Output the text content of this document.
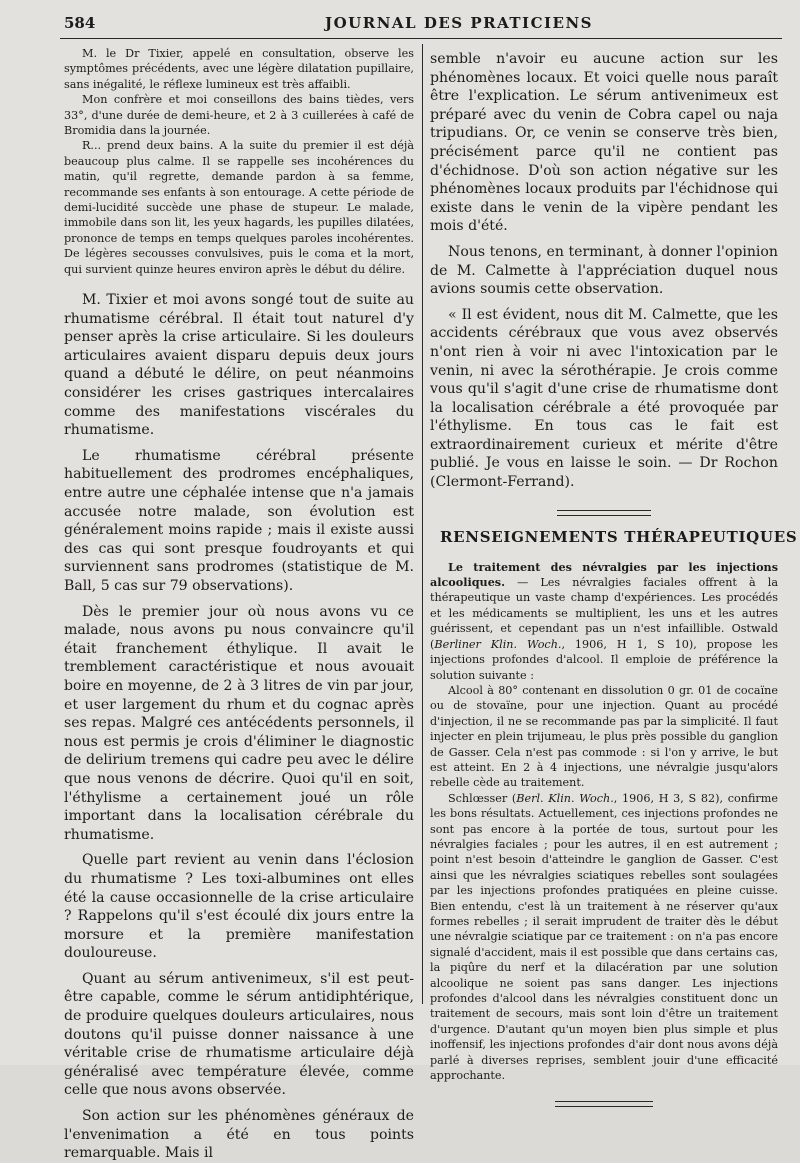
584	JOURNAL DES PRATICIENS

M. le Dr Tixier, appelé en consultation, observe les symptômes précédents, avec une légère dilatation pupillaire, sans inégalité, le réflexe lumineux est très affaibli.

Mon confrère et moi conseillons des bains tièdes, vers 33°, d'une durée de demi-heure, et 2 à 3 cuillerées à café de Bromidia dans la journée.

R... prend deux bains. A la suite du premier il est déjà beaucoup plus calme. Il se rappelle ses incohérences du matin, qu'il regrette, demande pardon à sa femme, recommande ses enfants à son entourage. A cette période de demi-lucidité succède une phase de stupeur. Le malade, immobile dans son lit, les yeux hagards, les pupilles dilatées, prononce de temps en temps quelques paroles incohérentes. De légères secousses convulsives, puis le coma et la mort, qui survient quinze heures environ après le début du délire.

M. Tixier et moi avons songé tout de suite au rhumatisme cérébral. Il était tout naturel d'y penser après la crise articulaire. Si les douleurs articulaires avaient disparu depuis deux jours quand a débuté le délire, on peut néanmoins considérer les crises gastriques intercalaires comme des manifestations viscérales du rhumatisme.

Le rhumatisme cérébral présente habituellement des prodromes encéphaliques, entre autre une céphalée intense que n'a jamais accusée notre malade, son évolution est généralement moins rapide ; mais il existe aussi des cas qui sont presque foudroyants et qui surviennent sans prodromes (statistique de M. Ball, 5 cas sur 79 observations).

Dès le premier jour où nous avons vu ce malade, nous avons pu nous convaincre qu'il était franchement éthylique. Il avait le tremblement caractéristique et nous avouait boire en moyenne, de 2 à 3 litres de vin par jour, et user largement du rhum et du cognac après ses repas. Malgré ces antécédents personnels, il nous est permis je crois d'éliminer le diagnostic de delirium tremens qui cadre peu avec le délire que nous venons de décrire. Quoi qu'il en soit, l'éthylisme a certainement joué un rôle important dans la localisation cérébrale du rhumatisme.

Quelle part revient au venin dans l'éclosion du rhumatisme ? Les toxi-albumines ont elles été la cause occasionnelle de la crise articulaire ? Rappelons qu'il s'est écoulé dix jours entre la morsure et la première manifestation douloureuse.

Quant au sérum antivenimeux, s'il est peut-être capable, comme le sérum antidiphtérique, de produire quelques douleurs articulaires, nous doutons qu'il puisse donner naissance à une véritable crise de rhumatisme articulaire déjà généralisé avec température élevée, comme celle que nous avons observée.

Son action sur les phénomènes généraux de l'envenimation a été en tous points remarquable. Mais il

semble n'avoir eu aucune action sur les phénomènes locaux. Et voici quelle nous paraît être l'explication. Le sérum antivenimeux est préparé avec du venin de Cobra capel ou naja tripudians. Or, ce venin se conserve très bien, précisément parce qu'il ne contient pas d'échidnose. D'où son action négative sur les phénomènes locaux produits par l'échidnose qui existe dans le venin de la vipère pendant les mois d'été.

Nous tenons, en terminant, à donner l'opinion de M. Calmette à l'appréciation duquel nous avions soumis cette observation.

« Il est évident, nous dit M. Calmette, que les accidents cérébraux que vous avez observés n'ont rien à voir ni avec l'intoxication par le venin, ni avec la sérothérapie. Je crois comme vous qu'il s'agit d'une crise de rhumatisme dont la localisation cérébrale a été provoquée par l'éthylisme. En tous cas le fait est extraordinairement curieux et mérite d'être publié. Je vous en laisse le soin. — Dr Rochon (Clermont-Ferrand).

RENSEIGNEMENTS THÉRAPEUTIQUES

Le traitement des névralgies par les injections alcooliques. — Les névralgies faciales offrent à la thérapeutique un vaste champ d'expériences. Les procédés et les médicaments se multiplient, les uns et les autres guérissent, et cependant pas un n'est infaillible. Ostwald (Berliner Klin. Woch., 1906, H 1, S 10), propose les injections profondes d'alcool. Il emploie de préférence la solution suivante :

Alcool à 80° contenant en dissolution 0 gr. 01 de cocaïne ou de stovaïne, pour une injection. Quant au procédé d'injection, il ne se recommande pas par la simplicité. Il faut injecter en plein trijumeau, le plus près possible du ganglion de Gasser. Cela n'est pas commode : si l'on y arrive, le but est atteint. En 2 à 4 injections, une névralgie jusqu'alors rebelle cède au traitement.

Schlœsser (Berl. Klin. Woch., 1906, H 3, S 82), confirme les bons résultats. Actuellement, ces injections profondes ne sont pas encore à la portée de tous, surtout pour les névralgies faciales ; pour les autres, il en est autrement ; point n'est besoin d'atteindre le ganglion de Gasser. C'est ainsi que les névralgies sciatiques rebelles sont soulagées par les injections profondes pratiquées en pleine cuisse. Bien entendu, c'est là un traitement à ne réserver qu'aux formes rebelles ; il serait imprudent de traiter dès le début une névralgie sciatique par ce traitement : on n'a pas encore signalé d'accident, mais il est possible que dans certains cas, la piqûre du nerf et la dilacération par une solution alcoolique ne soient pas sans danger. Les injections profondes d'alcool dans les névralgies constituent donc un traitement de secours, mais sont loin d'être un traitement d'urgence. D'autant qu'un moyen bien plus simple et plus inoffensif, les injections profondes d'air dont nous avons déjà parlé à diverses reprises, semblent jouir d'une efficacité approchante.
